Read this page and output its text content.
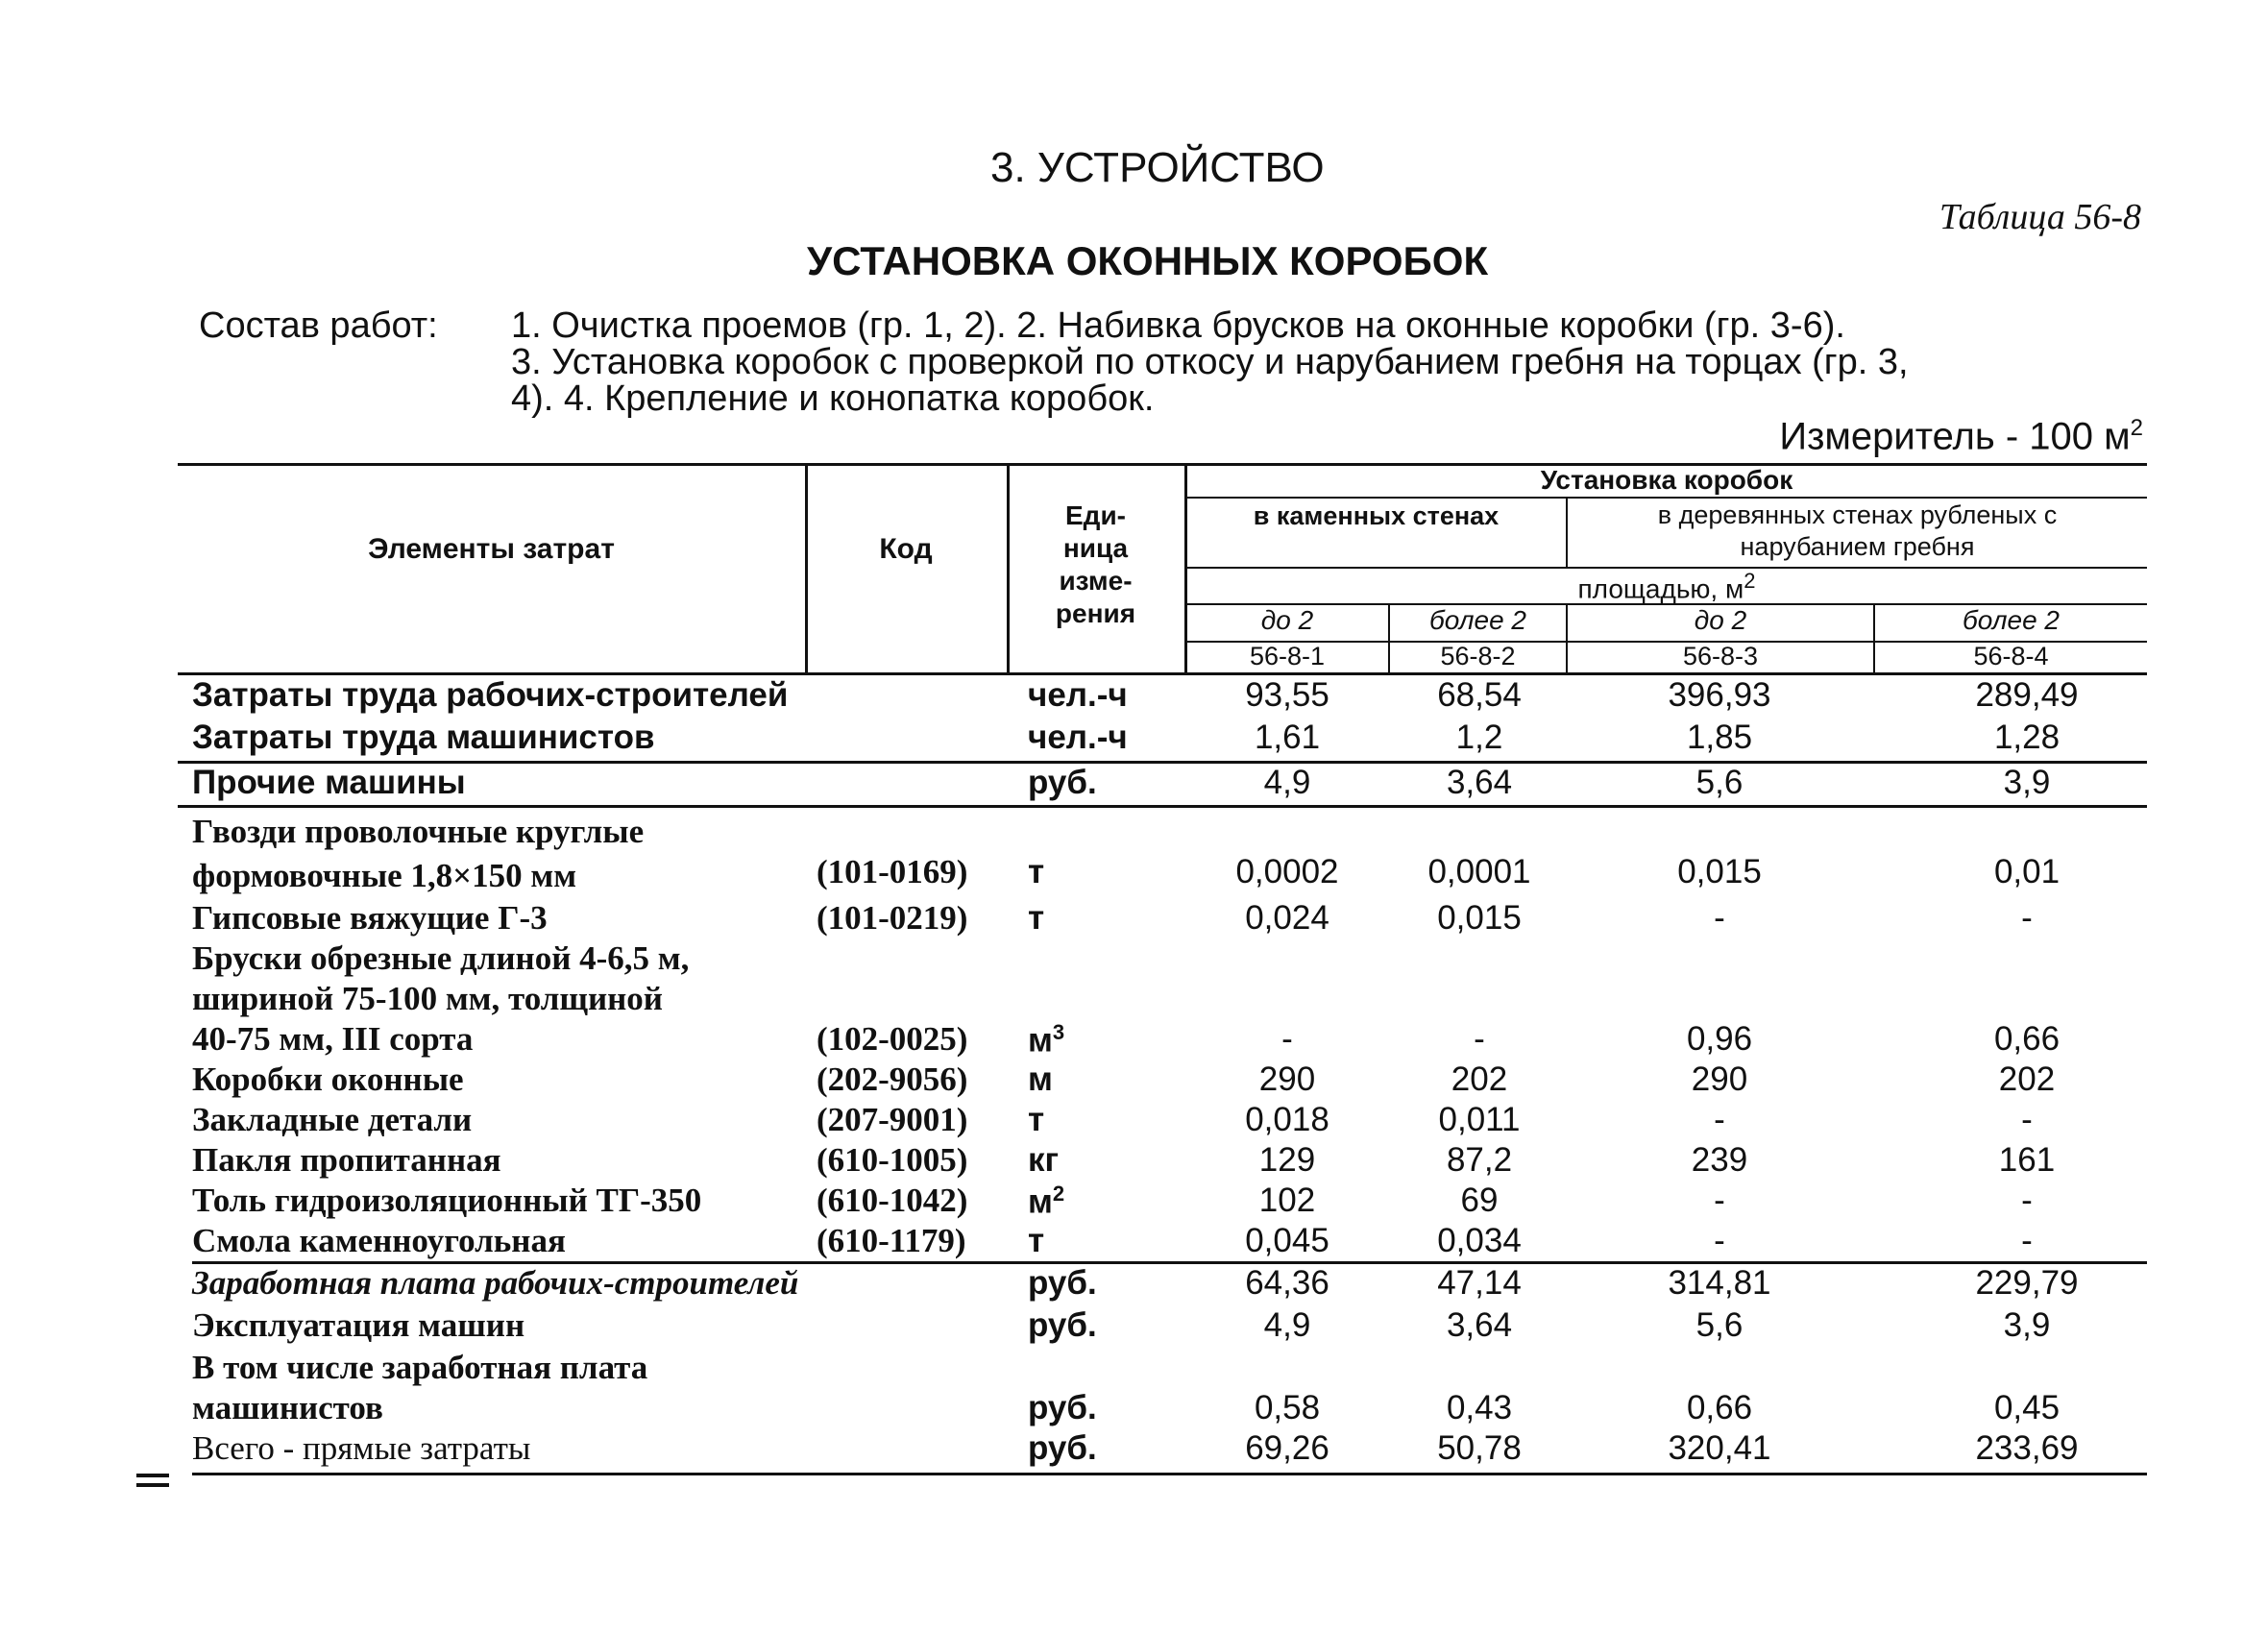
3. УСТРОЙСТВО
Таблица 56-8
УСТАНОВКА ОКОННЫХ КОРОБОК
Состав работ: 1. Очистка проемов (гр. 1, 2). 2. Набивка брусков на оконные коробки (гр. 3-6).
3. Установка коробок с проверкой по откосу и нарубанием гребня на торцах (гр. 3,
4). 4. Крепление и конопатка коробок.
Измеритель - 100 $м^2$
Элементы затрат	Код
Еди-
ница
изме-
рения
Установка коробок
в каменных стенах	в деревянных стенах рубленых с
нарубанием гребня
площадью, $м^2$
до 2	более 2	до 2	более 2
56-8-1	56-8-2	56-8-3	56-8-4
Затраты труда рабочих-строителей	чел.-ч	93,55	68,54	396,93	289,49
Затраты труда машинистов	чел.-ч	1,61	1,2	1,85	1,28
Прочие машины	руб.	4,9	3,64	5,6	3,9
Гвозди проволочные круглые
формовочные 1,8×150 мм	(101-0169) т	0,0002	0,0001	0,015	0,01
Гипсовые вяжущие Г-3	(101-0219) т	0,024	0,015	-	-
Бруски обрезные длиной 4-6,5 м,
шириной 75-100 мм, толщиной
40-75 мм, III сорта	(102-0025) $м^3$	-	-	0,96	0,66
Коробки оконные	(202-9056) м	290	202	290	202
Закладные детали	(207-9001) т	0,018	0,011	-	-
Пакля пропитанная	(610-1005) кг	129	87,2	239	161
Толь гидроизоляционный ТГ-350	(610-1042) $м^2$	102	69	-	-
Смола каменноугольная	(610-1179) т	0,045	0,034	-	-
Заработная плата рабочих-строителей	руб.	64,36	47,14	314,81	229,79
Эксплуатация машин	руб.	4,9	3,64	5,6	3,9
В том числе заработная плата
машинистов	руб.	0,58	0,43	0,66	0,45
Всего - прямые затраты	руб.	69,26	50,78	320,41	233,69
